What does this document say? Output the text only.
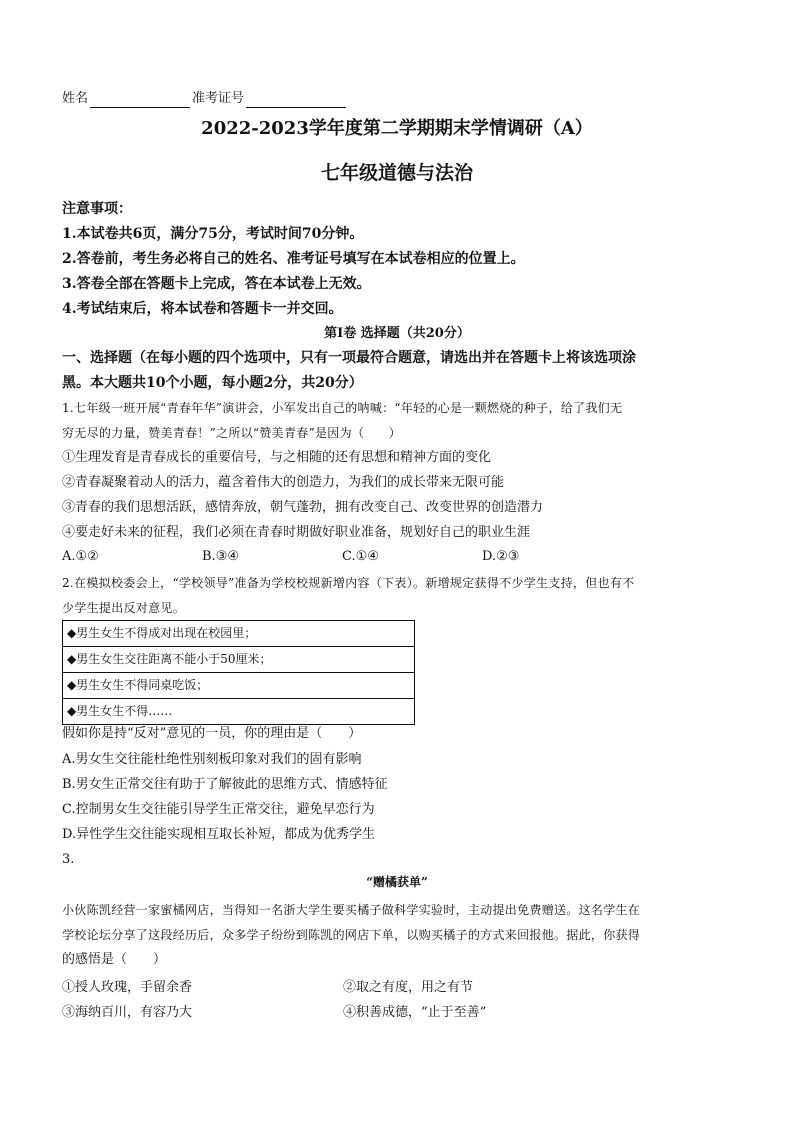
姓名	准考证号
2022-2023学年度第二学期期末学情调研（A）
七年级道德与法治
注意事项：
1.本试卷共6页，满分75分，考试时间70分钟。
2.答卷前，考生务必将自己的姓名、准考证号填写在本试卷相应的位置上。
3.答卷全部在答题卡上完成，答在本试卷上无效。
4.考试结束后，将本试卷和答题卡一并交回。
第Ⅰ卷 选择题（共20分）
一、选择题（在每小题的四个选项中，只有一项最符合题意，请选出并在答题卡上将该选项涂
黑。本大题共10个小题，每小题2分，共20分）
1.七年级一班开展“青春年华”演讲会，小军发出自己的呐喊：“年轻的心是一颗燃烧的种子，给了我们无
穷无尽的力量，赞美青春！”之所以“赞美青春”是因为（　　）
①生理发育是青春成长的重要信号，与之相随的还有思想和精神方面的变化
②青春凝聚着动人的活力，蕴含着伟大的创造力，为我们的成长带来无限可能
③青春的我们思想活跃，感情奔放，朝气蓬勃，拥有改变自己、改变世界的创造潜力
④要走好未来的征程，我们必须在青春时期做好职业准备，规划好自己的职业生涯
A.①②	B.③④	C.①④	D.②③
2.在模拟校委会上，“学校领导”准备为学校校规新增内容（下表）。新增规定获得不少学生支持，但也有不
少学生提出反对意见。
◆男生女生不得成对出现在校园里；
◆男生女生交往距离不能小于50厘米；
◆男生女生不得同桌吃饭；
◆男生女生不得……
假如你是持“反对”意见的一员，你的理由是（　　）
A.男女生交往能杜绝性别刻板印象对我们的固有影响
B.男女生正常交往有助于了解彼此的思维方式、情感特征
C.控制男女生交往能引导学生正常交往，避免早恋行为
D.异性学生交往能实现相互取长补短，都成为优秀学生
3.
“赠橘获单”
小伙陈凯经营一家蜜橘网店，当得知一名浙大学生要买橘子做科学实验时，主动提出免费赠送。这名学生在
学校论坛分享了这段经历后，众多学子纷纷到陈凯的网店下单，以购买橘子的方式来回报他。据此，你获得
的感悟是（　　）
①授人玫瑰，手留余香	②取之有度，用之有节
③海纳百川，有容乃大	④积善成德，“止于至善”
